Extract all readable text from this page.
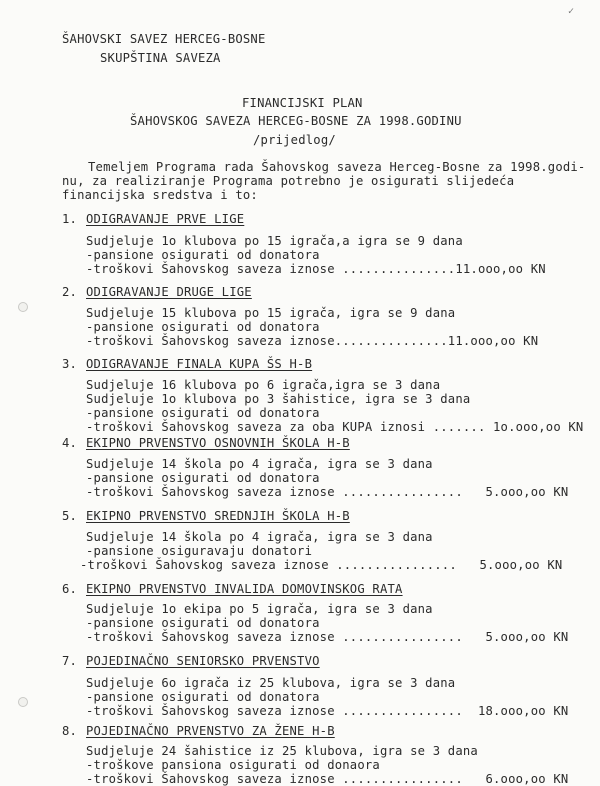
ŠAHOVSKI SAVEZ HERCEG-BOSNE
SKUPŠTINA SAVEZA
FINANCIJSKI PLAN
ŠAHOVSKOG SAVEZA HERCEG-BOSNE ZA 1998.GODINU
/prijedlog/
Temeljem Programa rada Šahovskog saveza Herceg-Bosne za 1998.godi-
nu, za realiziranje Programa potrebno je osigurati slijedeća
financijska sredstva i to:
1. ODIGRAVANJE PRVE LIGE
Sudjeluje 1o klubova po 15 igrača,a igra se 9 dana
-pansione osigurati od donatora
-troškovi Šahovskog saveza iznose ...............11.ooo,oo KN
2. ODIGRAVANJE DRUGE LIGE
Sudjeluje 15 klubova po 15 igrača, igra se 9 dana
-pansione osigurati od donatora
-troškovi Šahovskog saveza iznose...............11.ooo,oo KN
3. ODIGRAVANJE FINALA KUPA ŠS H-B
Sudjeluje 16 klubova po 6 igrača,igra se 3 dana
Sudjeluje 1o klubova po 3 šahistice, igra se 3 dana
-pansione osigurati od donatora
-troškovi Šahovskog saveza za oba KUPA iznosi ....... 1o.ooo,oo KN
4. EKIPNO PRVENSTVO OSNOVNIH ŠKOLA H-B
Sudjeluje 14 škola po 4 igrača, igra se 3 dana
-pansione osigurati od donatora
-troškovi Šahovskog saveza iznose ................   5.ooo,oo KN
5. EKIPNO PRVENSTVO SREDNJIH ŠKOLA H-B
Sudjeluje 14 škola po 4 igrača, igra se 3 dana
-pansione osiguravaju donatori
-troškovi Šahovskog saveza iznose ................   5.ooo,oo KN
6. EKIPNO PRVENSTVO INVALIDA DOMOVINSKOG RATA
Sudjeluje 1o ekipa po 5 igrača, igra se 3 dana
-pansione osigurati od donatora
-troškovi Šahovskog saveza iznose ................   5.ooo,oo KN
7. POJEDINAČNO SENIORSKO PRVENSTVO
Sudjeluje 6o igrača iz 25 klubova, igra se 3 dana
-pansione osigurati od donatora
-troškovi Šahovskog saveza iznose ................  18.ooo,oo KN
8. POJEDINAČNO PRVENSTVO ZA ŽENE H-B
Sudjeluje 24 šahistice iz 25 klubova, igra se 3 dana
-troškove pansiona osigurati od donaora
-troškovi Šahovskog saveza iznose ................   6.ooo,oo KN
✓
